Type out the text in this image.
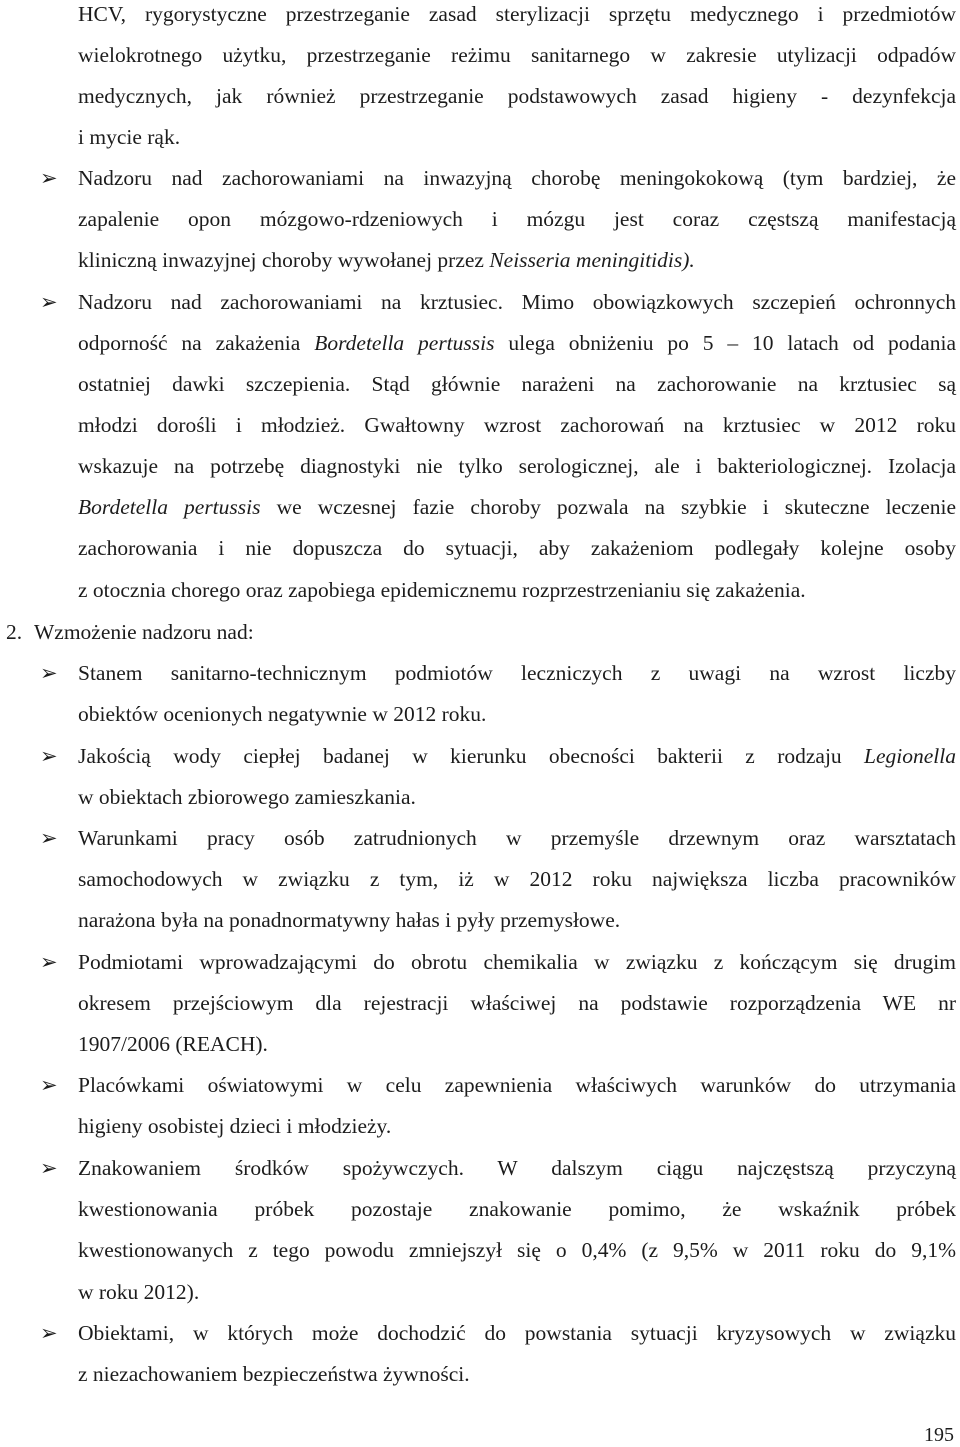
HCV, rygorystyczne przestrzeganie zasad sterylizacji sprzętu medycznego i przedmiotów
wielokrotnego użytku, przestrzeganie reżimu sanitarnego w zakresie utylizacji odpadów
medycznych, jak również przestrzeganie podstawowych zasad higieny - dezynfekcja
i mycie rąk.
➢ Nadzoru nad zachorowaniami na inwazyjną chorobę meningokokową (tym bardziej, że
zapalenie opon mózgowo-rdzeniowych i mózgu jest coraz częstszą manifestacją
kliniczną inwazyjnej choroby wywołanej przez Neisseria meningitidis).
➢ Nadzoru nad zachorowaniami na krztusiec. Mimo obowiązkowych szczepień ochronnych
odporność na zakażenia Bordetella pertussis ulega obniżeniu po 5 – 10 latach od podania
ostatniej dawki szczepienia. Stąd głównie narażeni na zachorowanie na krztusiec są
młodzi dorośli i młodzież. Gwałtowny wzrost zachorowań na krztusiec w 2012 roku
wskazuje na potrzebę diagnostyki nie tylko serologicznej, ale i bakteriologicznej. Izolacja
Bordetella pertussis we wczesnej fazie choroby pozwala na szybkie i skuteczne leczenie
zachorowania i nie dopuszcza do sytuacji, aby zakażeniom podlegały kolejne osoby
z otocznia chorego oraz zapobiega epidemicznemu rozprzestrzenianiu się zakażenia.
2. Wzmożenie nadzoru nad:
➢ Stanem sanitarno-technicznym podmiotów leczniczych z uwagi na wzrost liczby
obiektów ocenionych negatywnie w 2012 roku.
➢ Jakością wody ciepłej badanej w kierunku obecności bakterii z rodzaju Legionella
w obiektach zbiorowego zamieszkania.
➢ Warunkami pracy osób zatrudnionych w przemyśle drzewnym oraz warsztatach
samochodowych w związku z tym, iż w 2012 roku największa liczba pracowników
narażona była na ponadnormatywny hałas i pyły przemysłowe.
➢ Podmiotami wprowadzającymi do obrotu chemikalia w związku z kończącym się drugim
okresem przejściowym dla rejestracji właściwej na podstawie rozporządzenia WE nr
1907/2006 (REACH).
➢ Placówkami oświatowymi w celu zapewnienia właściwych warunków do utrzymania
higieny osobistej dzieci i młodzieży.
➢ Znakowaniem środków spożywczych. W dalszym ciągu najczęstszą przyczyną
kwestionowania próbek pozostaje znakowanie pomimo, że wskaźnik próbek
kwestionowanych z tego powodu zmniejszył się o 0,4% (z 9,5% w 2011 roku do 9,1%
w roku 2012).
➢ Obiektami, w których może dochodzić do powstania sytuacji kryzysowych w związku
z niezachowaniem bezpieczeństwa żywności.
195
